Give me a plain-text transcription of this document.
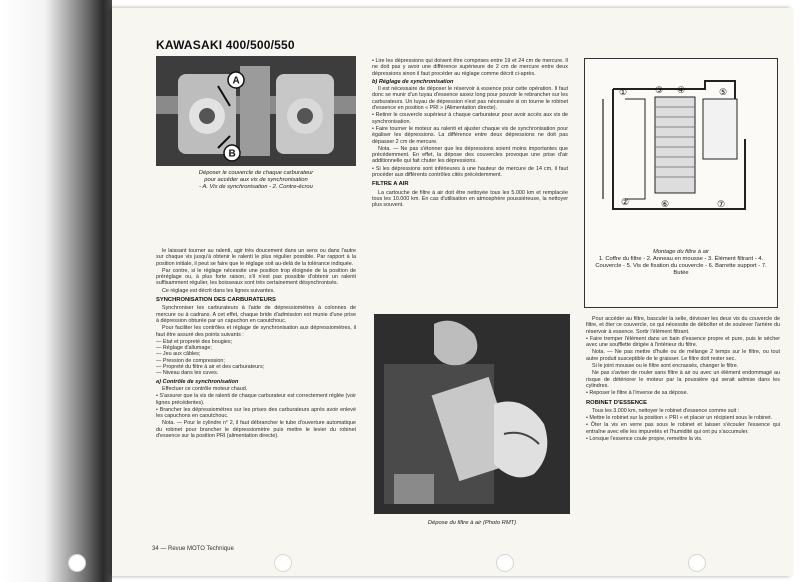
KAWASAKI 400/500/550
A
B
Déposer le couvercle de chaque carburateur
pour accéder aux vis de synchronisation
- A. Vis de synchronisation - 2. Contre-écrou

le laissant tourner au ralenti, agir très doucement dans un sens ou dans l'autre sur chaque vis jusqu'à obtenir le ralenti le plus régulier possible. Par rapport à la position initiale, il peut se faire que le réglage soit au-delà de la tolérance indiquée.

Par contre, si le réglage nécessite une position trop éloignée de la position de préréglage ou, à plus forte raison, s'il n'est pas possible d'obtenir un ralenti suffisamment régulier, les boisseaux sont très certainement désynchronisés.

Ce réglage est décrit dans les lignes suivantes.

SYNCHRONISATION DES CARBURATEURS

Synchroniser les carburateurs à l'aide de dépressiomètres à colonnes de mercure ou à cadrans. A cet effet, chaque bride d'admission est munie d'une prise à dépression obturée par un capuchon en caoutchouc.

Pour faciliter les contrôles et réglage de synchronisation aux dépressiomètres, il faut être assuré des points suivants :

— Etat et propreté des bougies;
— Réglage d'allumage;
— Jeu aux câbles;
— Pression de compression;
— Propreté du filtre à air et des carburateurs;
— Niveau dans les cuves.
a) Contrôle de synchronisation

Effectuer ce contrôle moteur chaud.

• S'assurer que la vis de ralenti de chaque carburateur est correctement réglée (voir lignes précédentes).

• Brancher les dépressiomètres sur les prises des carburateurs après avoir enlevé les capuchons en caoutchouc.

Nota. — Pour le cylindre n° 2, il faut débrancher le tube d'ouverture automatique du robinet pour brancher le dépressiomètre puis mettre le levier du robinet d'essence sur la position PRI (alimentation directe).

• Lire les dépressions qui doivent être comprises entre 19 et 24 cm de mercure. Il ne doit pas y avoir une différence supérieure de 2 cm de mercure entre deux dépressions sinon il faut procéder au réglage comme décrit ci-après.

b) Réglage de synchronisation

Il est nécessaire de déposer le réservoir à essence pour cette opération. Il faut donc se munir d'un tuyau d'essence assez long pour pouvoir le rebrancher sur les carburateurs. Un tuyau de dépression n'est pas nécessaire si on tourne le robinet d'essence en position « PRI » (Alimentation directe).

• Retirer le couvercle supérieur à chaque carburateur pour avoir accès aux vis de synchronisation.

• Faire tourner le moteur au ralenti et ajuster chaque vis de synchronisation pour égaliser les dépressions. La différence entre deux dépressions ne doit pas dépasser 2 cm de mercure.

Nota. — Ne pas s'étonner que les dépressions soient moins importantes que précédemment. En effet, la dépose des couvercles provoque une prise d'air additionnelle qui fait chuter les dépressions.

• Si les dépressions sont inférieures à une hauteur de mercure de 14 cm, il faut procéder aux différents contrôles cités précédemment.

FILTRE A AIR

La cartouche de filtre à air doit être nettoyée tous les 5.000 km et remplacée tous les 10.000 km. En cas d'utilisation en atmosphère poussiéreuse, la nettoyer plus souvent.

①	③ ④	⑤
②	⑥	⑦
Montage du filtre à air
1. Coffre du filtre - 2. Anneau en mousse - 3. Élément filtrant - 4. Couvercle - 5. Vis de fixation du couvercle - 6. Barrette support - 7. Butée
Dépose du filtre à air (Photo RMT)

Pour accéder au filtre, basculer la selle, dévisser les deux vis du couvercle de filtre, et ôter ce couvercle, ce qui nécessite de déboîter et de soulever l'arrière du réservoir à essence. Sortir l'élément filtrant.

• Faire tremper l'élément dans un bain d'essence propre et pure, puis le sécher avec une soufflette dirigée à l'intérieur du filtre.

Nota. — Ne pas mettre d'huile ou de mélange 2 temps sur le filtre, ou tout autre produit susceptible de le graisser. Le filtre doit rester sec.

Si le joint mousse ou le filtre sont encrassés, changer le filtre.

Ne pas s'aviser de rouler sans filtre à air ou avec un élément endommagé au risque de détériorer le moteur par la poussière qui serait admise dans les cylindres.

• Reposer le filtre à l'inverse de sa dépose.

ROBINET D'ESSENCE

Tous les 3.000 km, nettoyer le robinet d'essence comme suit :

• Mettre le robinet sur la position « PRI » et placer un récipient sous le robinet.

• Ôter la vis en verre pas sous le robinet et laisser s'écouler l'essence qui entraîne avec elle les impuretés et l'humidité qui ont pu s'accumuler.

• Lorsque l'essence coule propre, remettre la vis.

34 — Revue MOTO Technique
